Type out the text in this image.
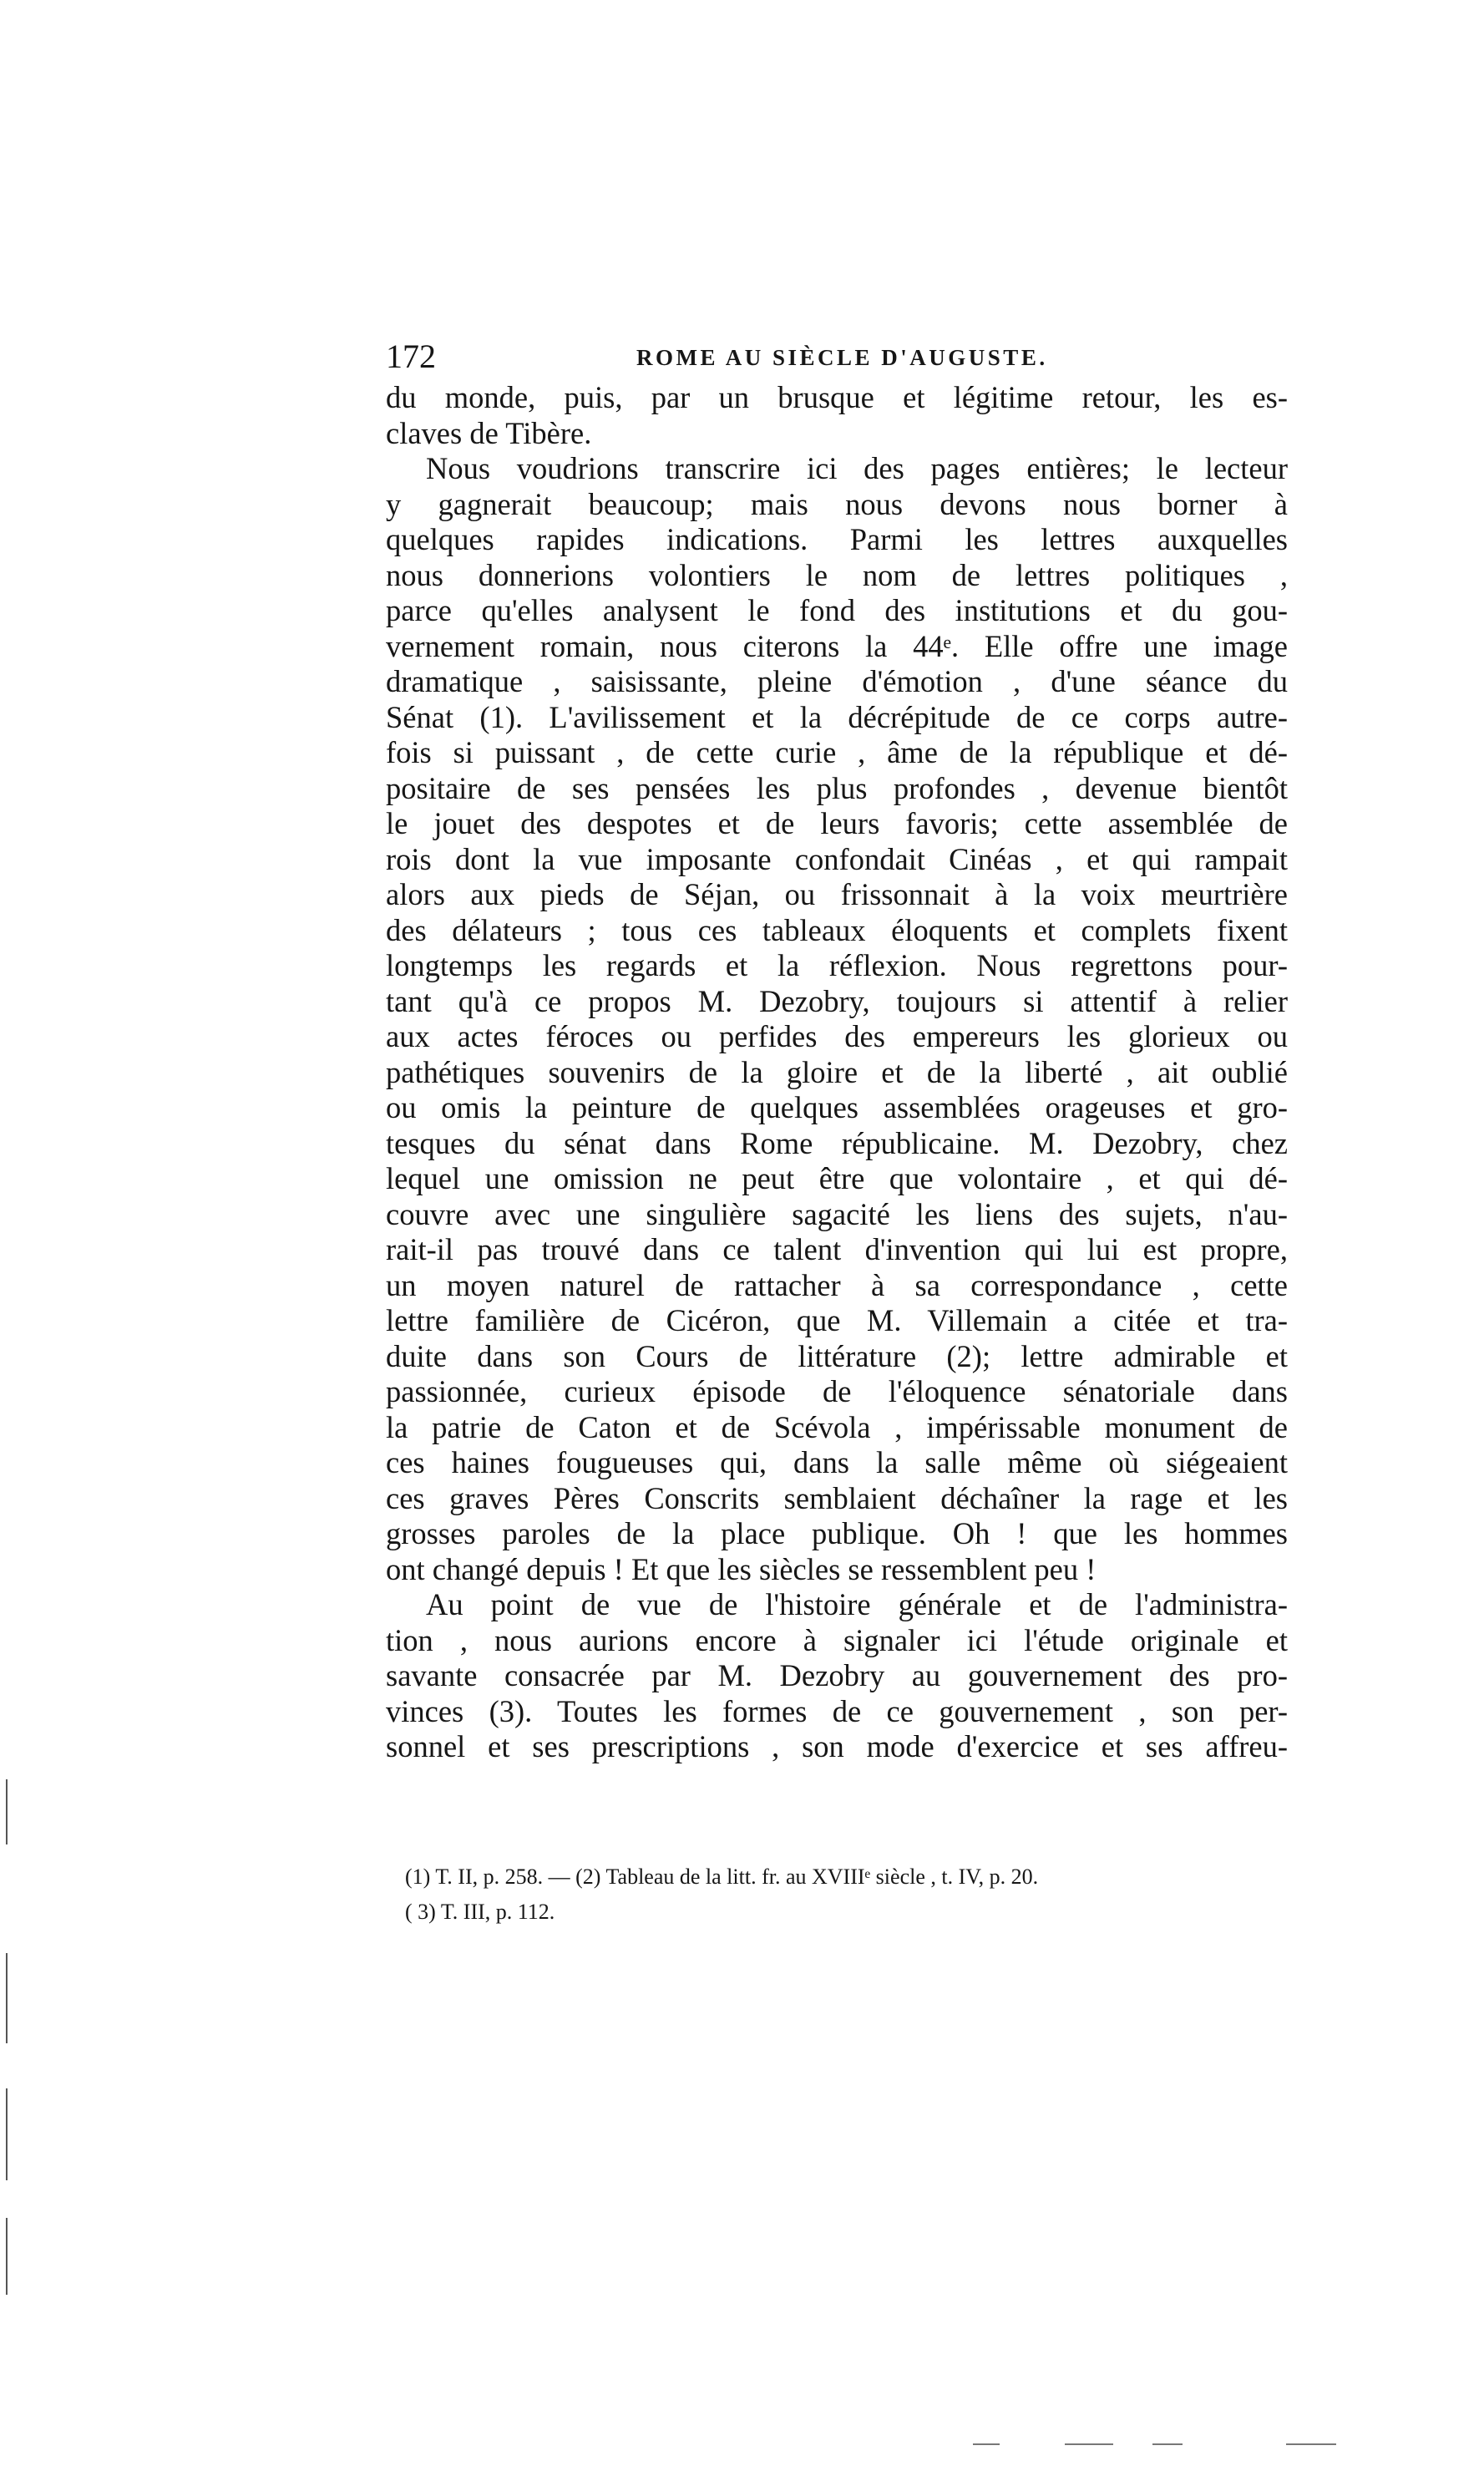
172	ROME AU SIÈCLE D'AUGUSTE.
du monde, puis, par un brusque et légitime retour, les es-
claves de Tibère.
Nous voudrions transcrire ici des pages entières; le lecteur
y gagnerait beaucoup; mais nous devons nous borner à
quelques rapides indications. Parmi les lettres auxquelles
nous donnerions volontiers le nom de lettres politiques ,
parce qu'elles analysent le fond des institutions et du gou-
vernement romain, nous citerons la 44ᵉ. Elle offre une image
dramatique , saisissante, pleine d'émotion , d'une séance du
Sénat (1). L'avilissement et la décrépitude de ce corps autre-
fois si puissant , de cette curie , âme de la république et dé-
positaire de ses pensées les plus profondes , devenue bientôt
le jouet des despotes et de leurs favoris; cette assemblée de
rois dont la vue imposante confondait Cinéas , et qui rampait
alors aux pieds de Séjan, ou frissonnait à la voix meurtrière
des délateurs ; tous ces tableaux éloquents et complets fixent
longtemps les regards et la réflexion. Nous regrettons pour-
tant qu'à ce propos M. Dezobry, toujours si attentif à relier
aux actes féroces ou perfides des empereurs les glorieux ou
pathétiques souvenirs de la gloire et de la liberté , ait oublié
ou omis la peinture de quelques assemblées orageuses et gro-
tesques du sénat dans Rome républicaine. M. Dezobry, chez
lequel une omission ne peut être que volontaire , et qui dé-
couvre avec une singulière sagacité les liens des sujets, n'au-
rait-il pas trouvé dans ce talent d'invention qui lui est propre,
un moyen naturel de rattacher à sa correspondance , cette
lettre familière de Cicéron, que M. Villemain a citée et tra-
duite dans son Cours de littérature (2); lettre admirable et
passionnée, curieux épisode de l'éloquence sénatoriale dans
la patrie de Caton et de Scévola , impérissable monument de
ces haines fougueuses qui, dans la salle même où siégeaient
ces graves Pères Conscrits semblaient déchaîner la rage et les
grosses paroles de la place publique. Oh ! que les hommes
ont changé depuis ! Et que les siècles se ressemblent peu !
Au point de vue de l'histoire générale et de l'administra-
tion , nous aurions encore à signaler ici l'étude originale et
savante consacrée par M. Dezobry au gouvernement des pro-
vinces (3). Toutes les formes de ce gouvernement , son per-
sonnel et ses prescriptions , son mode d'exercice et ses affreu-
(1) T. II, p. 258. — (2) Tableau de la litt. fr. au XVIIIᵉ siècle , t. IV, p. 20.
( 3) T. III, p. 112.
